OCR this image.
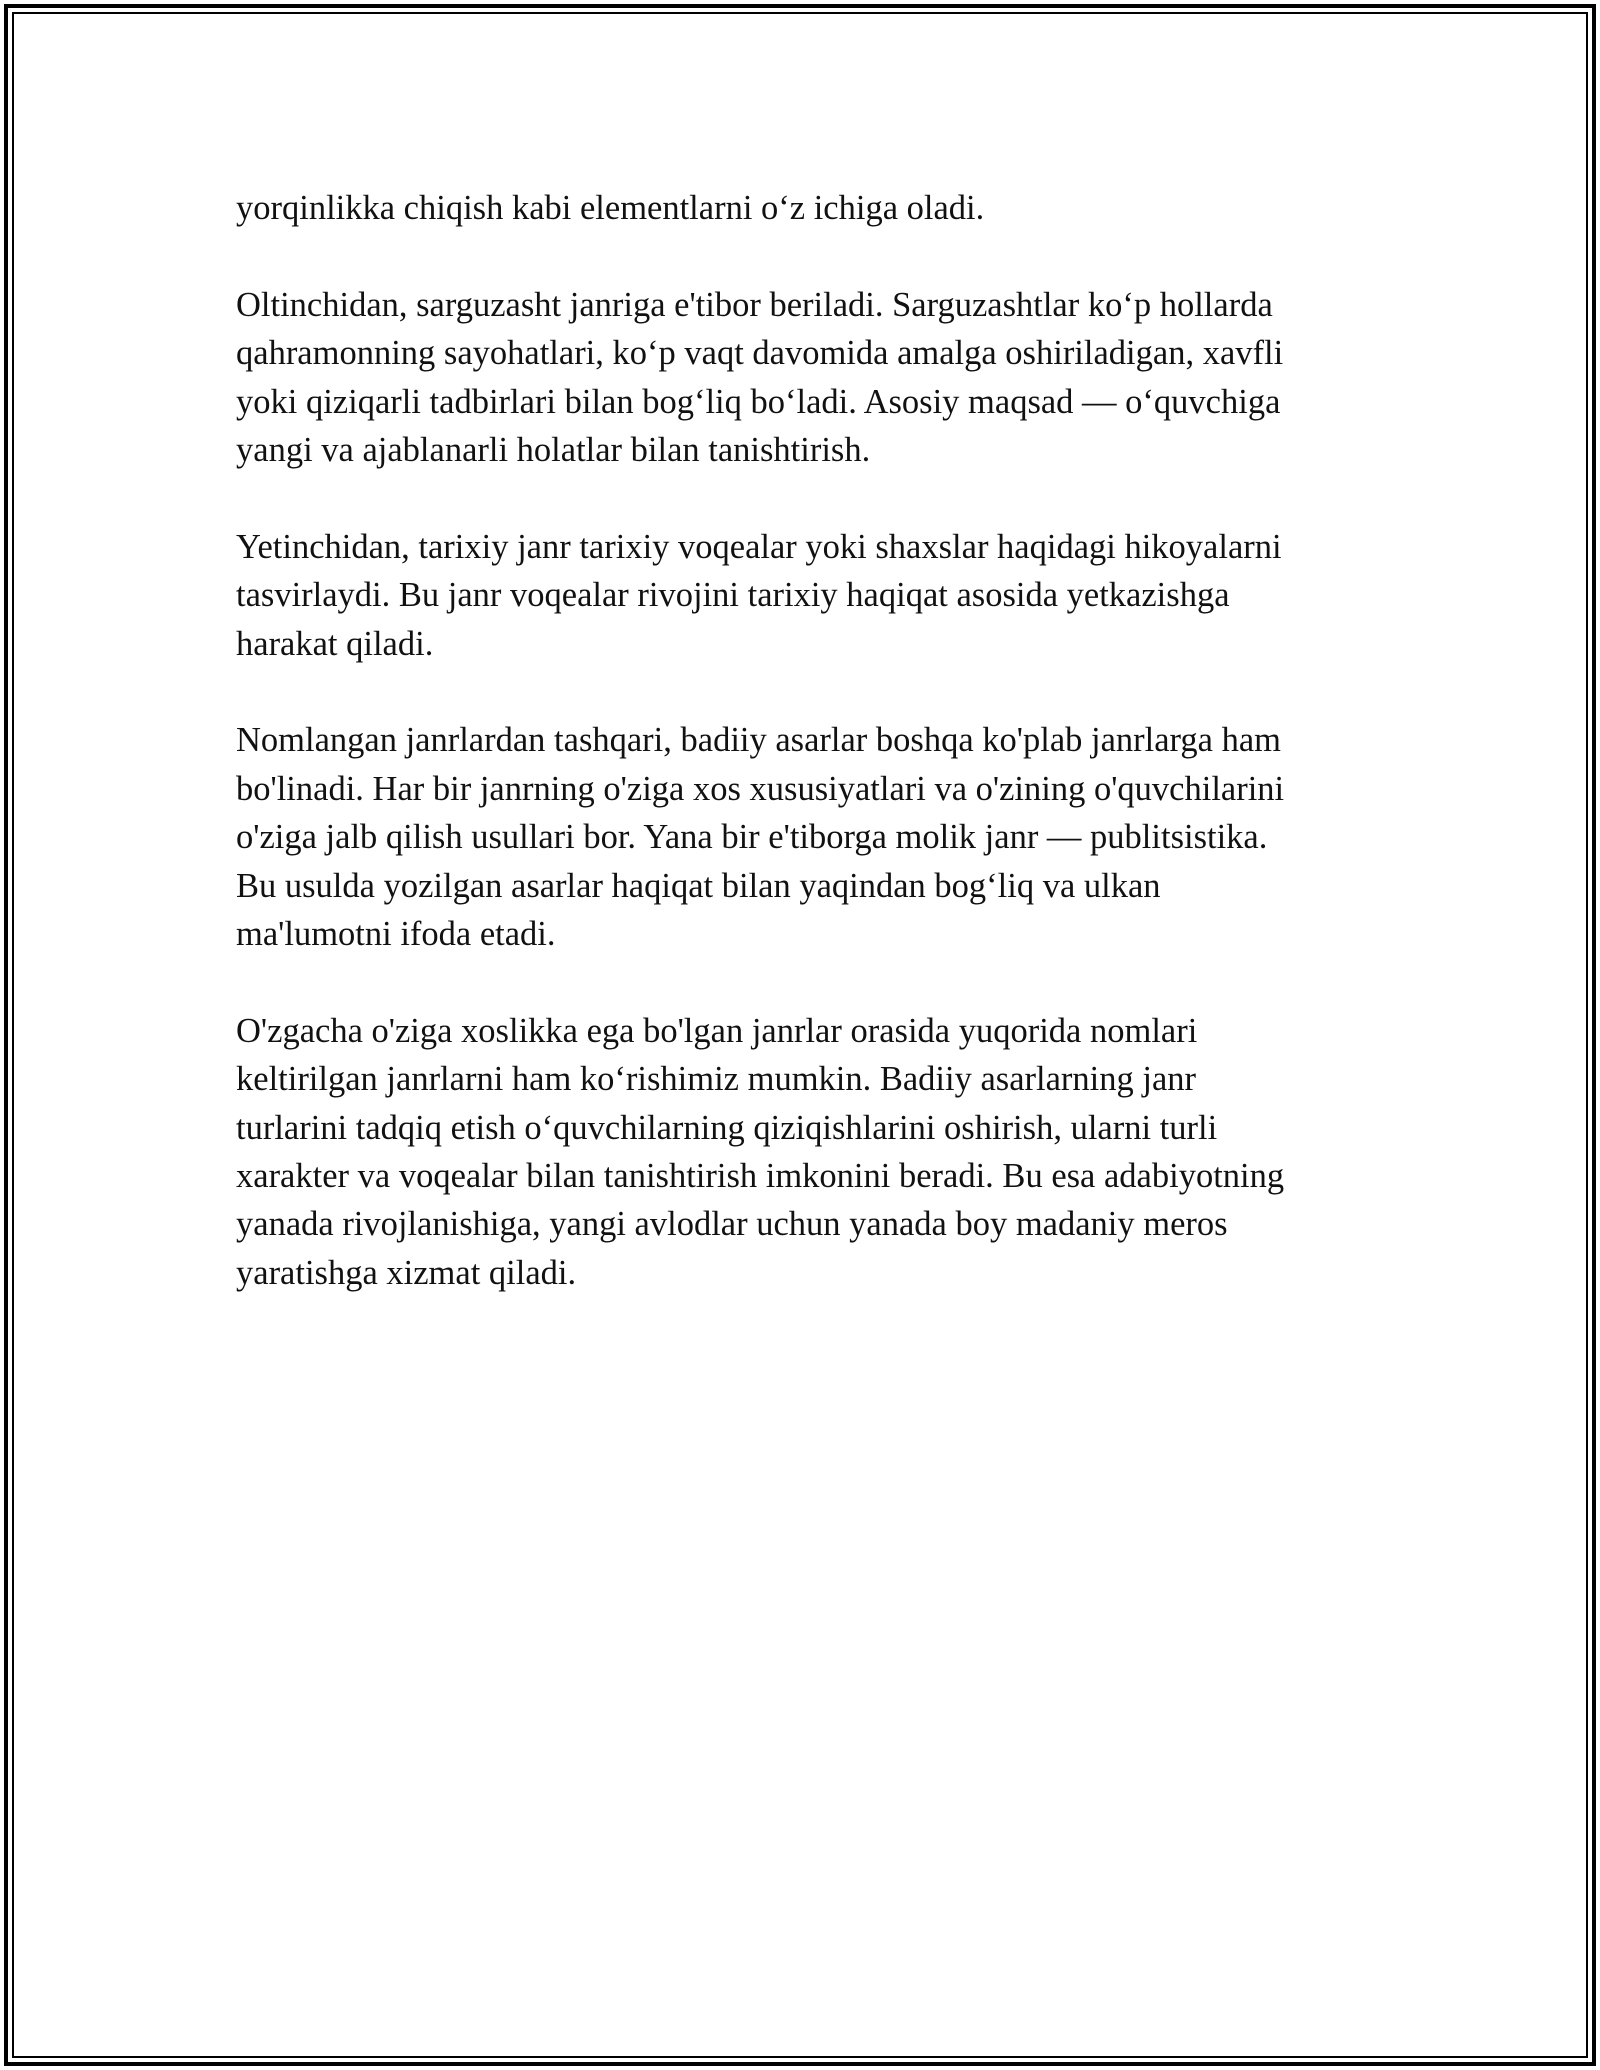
yorqinlikka chiqish kabi elementlarni o‘z ichiga oladi.

Oltinchidan, sarguzasht janriga e'tibor beriladi. Sarguzashtlar ko‘p hollarda
qahramonning sayohatlari, ko‘p vaqt davomida amalga oshiriladigan, xavfli
yoki qiziqarli tadbirlari bilan bog‘liq bo‘ladi. Asosiy maqsad — o‘quvchiga
yangi va ajablanarli holatlar bilan tanishtirish.

Yetinchidan, tarixiy janr tarixiy voqealar yoki shaxslar haqidagi hikoyalarni
tasvirlaydi. Bu janr voqealar rivojini tarixiy haqiqat asosida yetkazishga
harakat qiladi.

Nomlangan janrlardan tashqari, badiiy asarlar boshqa ko'plab janrlarga ham
bo'linadi. Har bir janrning o'ziga xos xususiyatlari va o'zining o'quvchilarini
o'ziga jalb qilish usullari bor. Yana bir e'tiborga molik janr — publitsistika.
Bu usulda yozilgan asarlar haqiqat bilan yaqindan bog‘liq va ulkan
ma'lumotni ifoda etadi.

O'zgacha o'ziga xoslikka ega bo'lgan janrlar orasida yuqorida nomlari
keltirilgan janrlarni ham ko‘rishimiz mumkin. Badiiy asarlarning janr
turlarini tadqiq etish o‘quvchilarning qiziqishlarini oshirish, ularni turli
xarakter va voqealar bilan tanishtirish imkonini beradi. Bu esa adabiyotning
yanada rivojlanishiga, yangi avlodlar uchun yanada boy madaniy meros
yaratishga xizmat qiladi.
